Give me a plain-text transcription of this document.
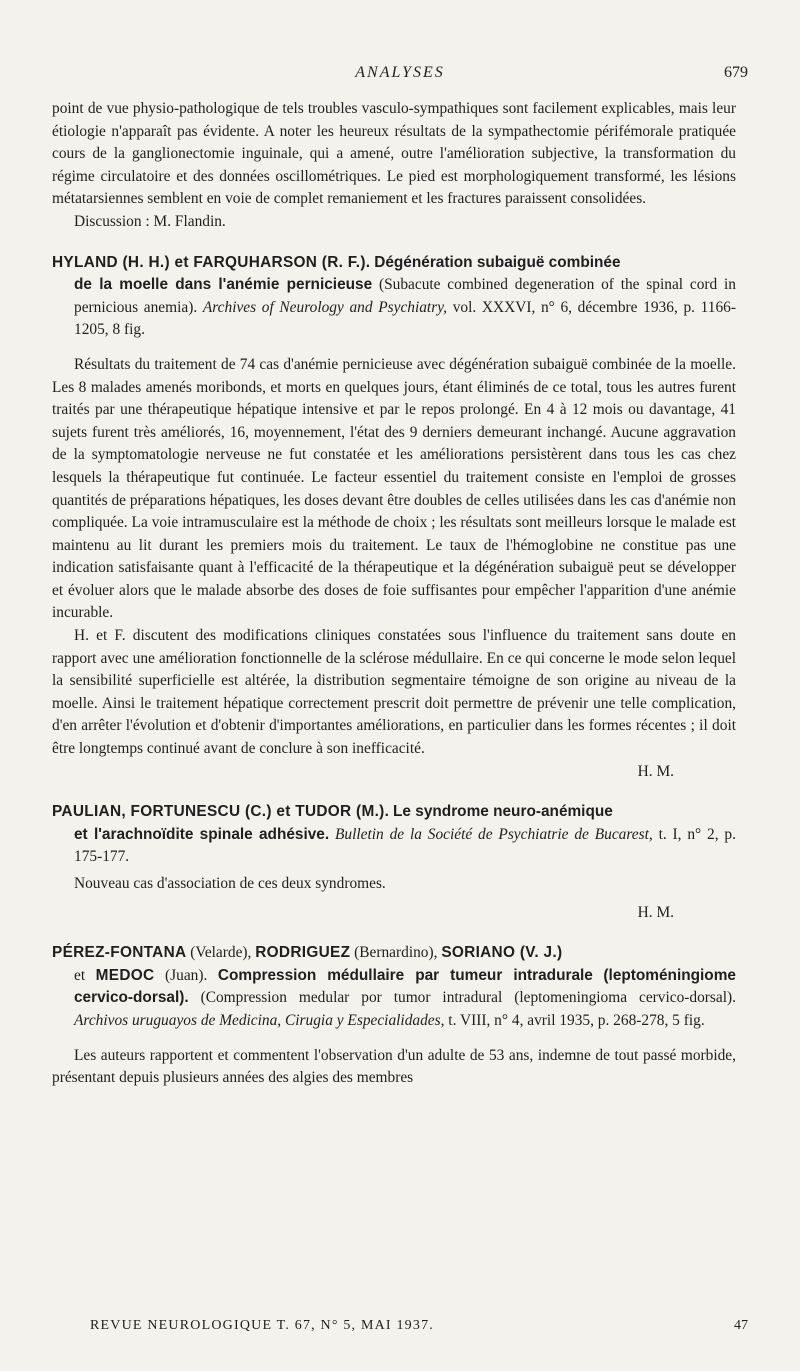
ANALYSES	679

point de vue physio-pathologique de tels troubles vasculo-sympathiques sont facilement explicables, mais leur étiologie n'apparaît pas évidente. A noter les heureux résultats de la sympathectomie périfémorale pratiquée cours de la ganglionectomie inguinale, qui a amené, outre l'amélioration subjective, la transformation du régime circulatoire et des données oscillométriques. Le pied est morphologiquement transformé, les lésions métatarsiennes semblent en voie de complet remaniement et les fractures paraissent consolidées.

Discussion : M. Flandin.

HYLAND (H. H.) et FARQUHARSON (R. F.). Dégénération subaiguë combinée
de la moelle dans l'anémie pernicieuse (Subacute combined degeneration of the spinal cord in pernicious anemia). Archives of Neurology and Psychiatry, vol. XXXVI, n° 6, décembre 1936, p. 1166-1205, 8 fig.

Résultats du traitement de 74 cas d'anémie pernicieuse avec dégénération subaiguë combinée de la moelle. Les 8 malades amenés moribonds, et morts en quelques jours, étant éliminés de ce total, tous les autres furent traités par une thérapeutique hépatique intensive et par le repos prolongé. En 4 à 12 mois ou davantage, 41 sujets furent très améliorés, 16, moyennement, l'état des 9 derniers demeurant inchangé. Aucune aggravation de la symptomatologie nerveuse ne fut constatée et les améliorations persistèrent dans tous les cas chez lesquels la thérapeutique fut continuée. Le facteur essentiel du traitement consiste en l'emploi de grosses quantités de préparations hépatiques, les doses devant être doubles de celles utilisées dans les cas d'anémie non compliquée. La voie intramusculaire est la méthode de choix ; les résultats sont meilleurs lorsque le malade est maintenu au lit durant les premiers mois du traitement. Le taux de l'hémoglobine ne constitue pas une indication satisfaisante quant à l'efficacité de la thérapeutique et la dégénération subaiguë peut se développer et évoluer alors que le malade absorbe des doses de foie suffisantes pour empêcher l'apparition d'une anémie incurable.

H. et F. discutent des modifications cliniques constatées sous l'influence du traitement sans doute en rapport avec une amélioration fonctionnelle de la sclérose médullaire. En ce qui concerne le mode selon lequel la sensibilité superficielle est altérée, la distribution segmentaire témoigne de son origine au niveau de la moelle. Ainsi le traitement hépatique correctement prescrit doit permettre de prévenir une telle complication, d'en arrêter l'évolution et d'obtenir d'importantes améliorations, en particulier dans les formes récentes ; il doit être longtemps continué avant de conclure à son inefficacité.

H. M.

PAULIAN, FORTUNESCU (C.) et TUDOR (M.). Le syndrome neuro-anémique
et l'arachnoïdite spinale adhésive. Bulletin de la Société de Psychiatrie de Bucarest, t. I, n° 2, p. 175-177.

Nouveau cas d'association de ces deux syndromes.

H. M.

PÉREZ-FONTANA (Velarde), RODRIGUEZ (Bernardino), SORIANO (V. J.)
et MEDOC (Juan). Compression médullaire par tumeur intradurale (leptoméningiome cervico-dorsal). (Compression medular por tumor intradural (leptomeningioma cervico-dorsal). Archivos uruguayos de Medicina, Cirugia y Especialidades, t. VIII, n° 4, avril 1935, p. 268-278, 5 fig.

Les auteurs rapportent et commentent l'observation d'un adulte de 53 ans, indemne de tout passé morbide, présentant depuis plusieurs années des algies des membres

REVUE NEUROLOGIQUE T. 67, N° 5, MAI 1937.	47
